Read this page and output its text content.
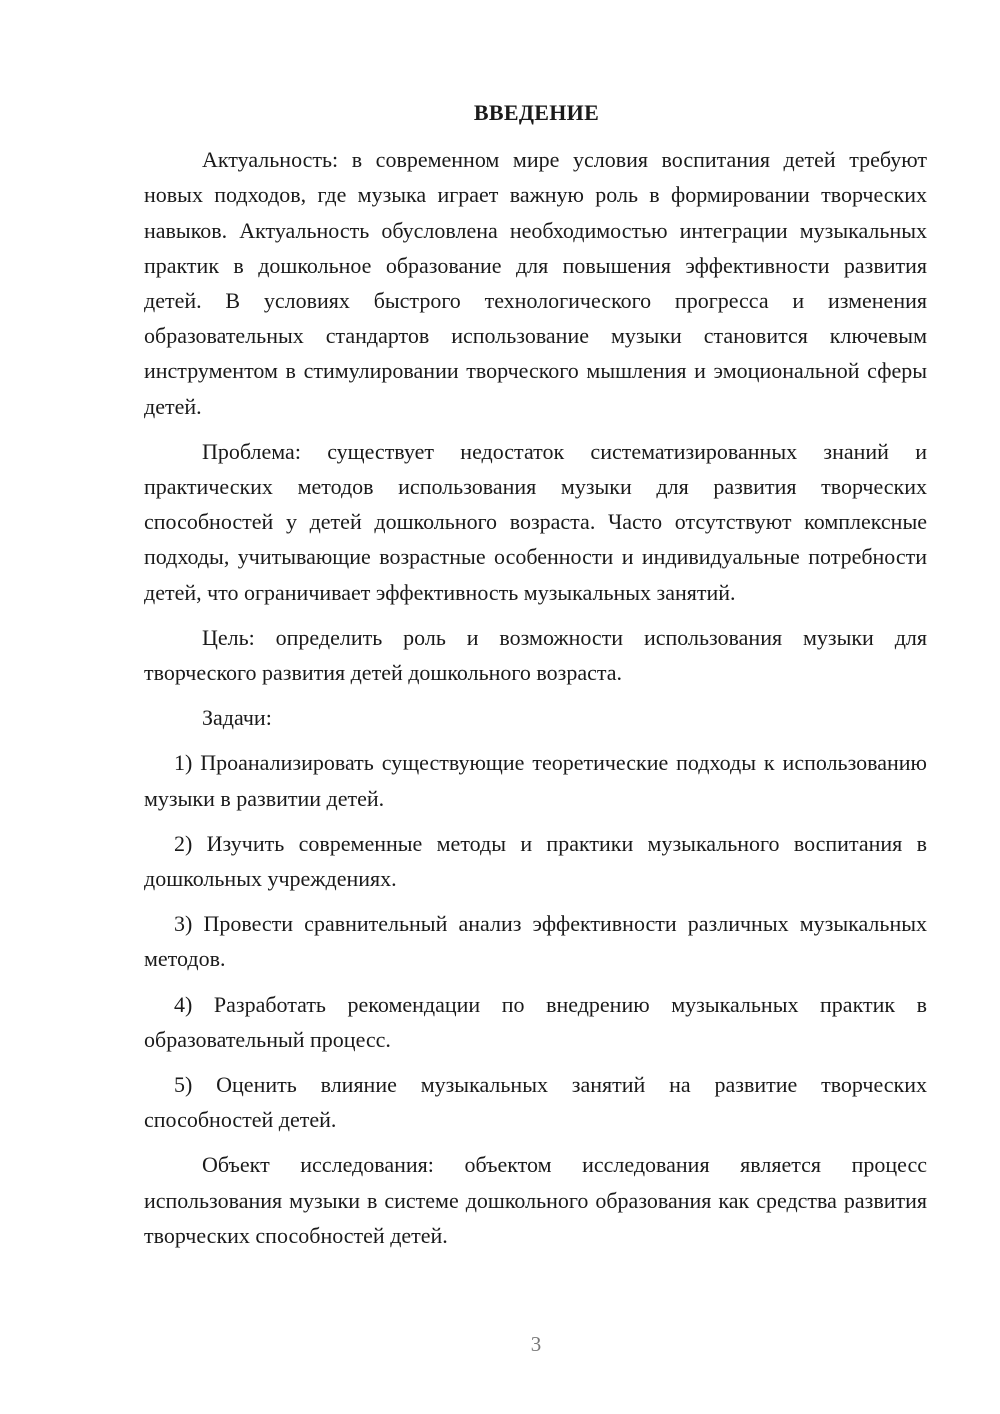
ВВЕДЕНИЕ

Актуальность: в современном мире условия воспитания детей требуют новых подходов, где музыка играет важную роль в формировании творческих навыков. Актуальность обусловлена необходимостью интеграции музыкальных практик в дошкольное образование для повышения эффективности развития детей. В условиях быстрого технологического прогресса и изменения образовательных стандартов использование музыки становится ключевым инструментом в стимулировании творческого мышления и эмоциональной сферы детей.

Проблема: существует недостаток систематизированных знаний и практических методов использования музыки для развития творческих способностей у детей дошкольного возраста. Часто отсутствуют комплексные подходы, учитывающие возрастные особенности и индивидуальные потребности детей, что ограничивает эффективность музыкальных занятий.

Цель: определить роль и возможности использования музыки для творческого развития детей дошкольного возраста.

Задачи:

1) Проанализировать существующие теоретические подходы к использованию музыки в развитии детей.

2) Изучить современные методы и практики музыкального воспитания в дошкольных учреждениях.

3) Провести сравнительный анализ эффективности различных музыкальных методов.

4) Разработать рекомендации по внедрению музыкальных практик в образовательный процесс.

5) Оценить влияние музыкальных занятий на развитие творческих способностей детей.

Объект исследования: объектом исследования является процесс использования музыки в системе дошкольного образования как средства развития творческих способностей детей.

3
